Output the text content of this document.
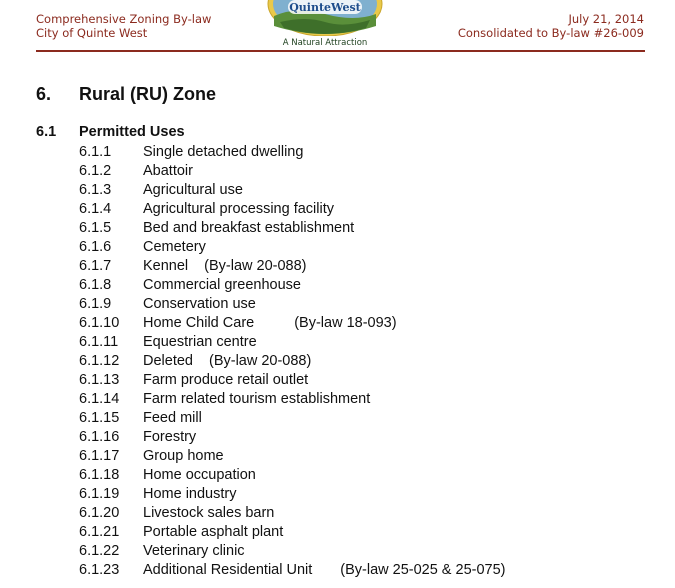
Comprehensive Zoning By-law
City of Quinte West
QuinteWest
A Natural Attraction
July 21, 2014
Consolidated to By-law #26-009
6. Rural (RU) Zone
6.1 Permitted Uses
6.1.1 Single detached dwelling
6.1.2 Abattoir
6.1.3 Agricultural use
6.1.4 Agricultural processing facility
6.1.5 Bed and breakfast establishment
6.1.6 Cemetery
6.1.7 Kennel (By-law 20-088)
6.1.8 Commercial greenhouse
6.1.9 Conservation use
6.1.10 Home Child Care	(By-law 18-093)
6.1.11 Equestrian centre
6.1.12 Deleted (By-law 20-088)
6.1.13 Farm produce retail outlet
6.1.14 Farm related tourism establishment
6.1.15 Feed mill
6.1.16 Forestry
6.1.17 Group home
6.1.18 Home occupation
6.1.19 Home industry
6.1.20 Livestock sales barn
6.1.21 Portable asphalt plant
6.1.22 Veterinary clinic
6.1.23 Additional Residential Unit (By-law 25-025 & 25-075)
